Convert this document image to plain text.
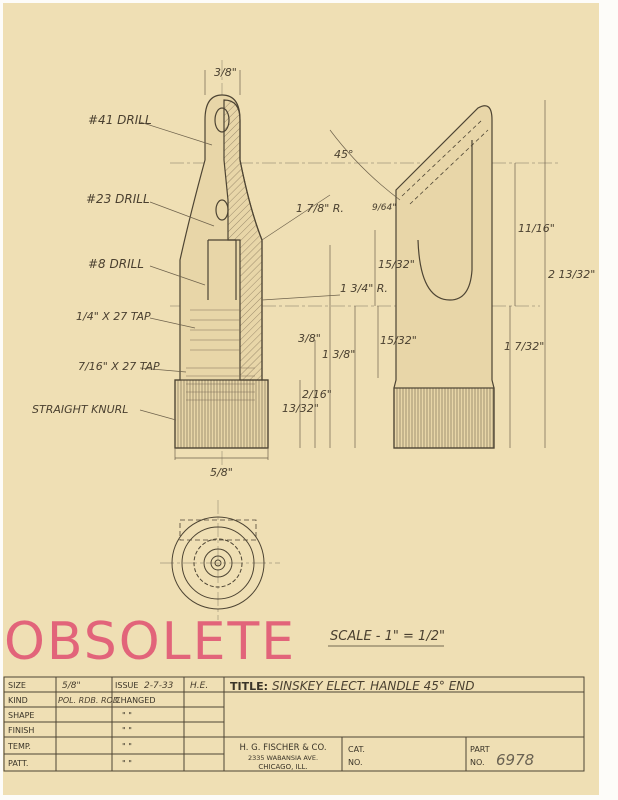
#41 DRILL
#23 DRILL
#8 DRILL
1/4" X 27 TAP
7/16" X 27 TAP
STRAIGHT KNURL
3/8"
5/8"
45°
1 7/8" R.
1 3/4" R.
9/64"
11/16"
2 13/32"
15/32"
15/32"	1 7/32"
3/8"
1 3/8"
2/16"
13/32"
SCALE - 1" = 1/2"
SIZE
KIND
SHAPE
FINISH
TEMP.
PATT.
ISSUE
CHANGED
" "
" "
" "
" "
CAT.
NO.
PART
NO.
5/8"
POL. RDB. ROD
2-7-33 H.E.	SINSKEY ELECT. HANDLE 45° END
6978
TITLE:
H. G. FISCHER & CO.
2335 WABANSIA AVE.
CHICAGO, ILL.
OBSOLETE
